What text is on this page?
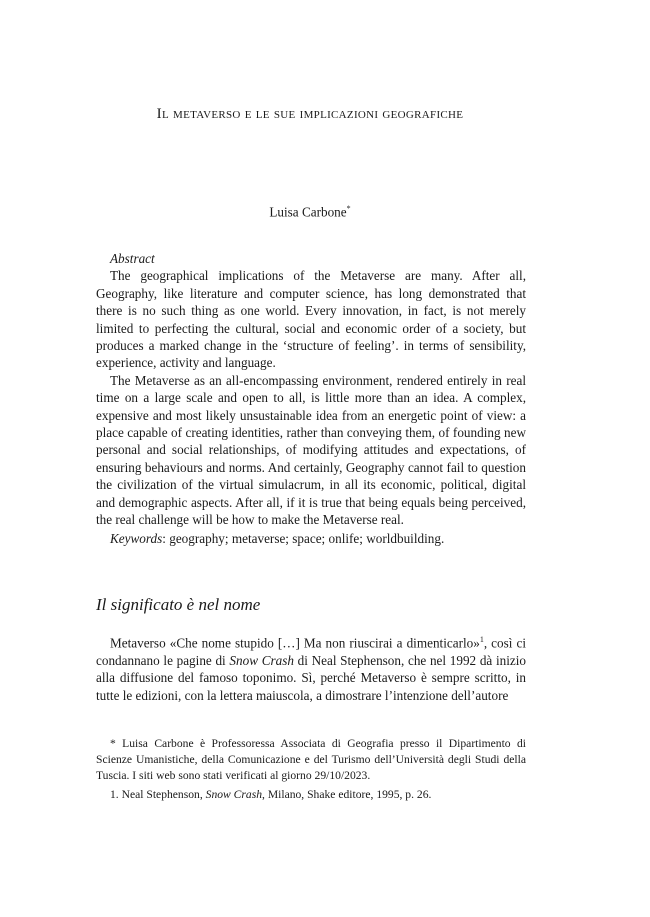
Il metaverso e le sue implicazioni geografiche
Luisa Carbone*

Abstract

The geographical implications of the Metaverse are many. After all, Geography, like literature and computer science, has long demonstrated that there is no such thing as one world. Every innovation, in fact, is not merely limited to perfecting the cultural, social and economic order of a society, but produces a marked change in the ‘structure of feeling’. in terms of sensibility, experience, activity and language.

The Metaverse as an all-encompassing environment, rendered entirely in real time on a large scale and open to all, is little more than an idea. A complex, expensive and most likely unsustainable idea from an energetic point of view: a place capable of creating identities, rather than conveying them, of founding new personal and social relationships, of modifying attitudes and expectations, of ensuring behaviours and norms. And certainly, Geography cannot fail to question the civilization of the virtual simulacrum, in all its economic, political, digital and demographic aspects. After all, if it is true that being equals being perceived, the real challenge will be how to make the Metaverse real.

Keywords: geography; metaverse; space; onlife; worldbuilding.

Il significato è nel nome

Metaverso «Che nome stupido […] Ma non riuscirai a dimenticarlo»$^1$, così ci condannano le pagine di Snow Crash di Neal Stephenson, che nel 1992 dà inizio alla diffusione del famoso toponimo. Sì, perché Metaverso è sempre scritto, in tutte le edizioni, con la lettera maiuscola, a dimostrare l’intenzione dell’autore

* Luisa Carbone è Professoressa Associata di Geografia presso il Dipartimento di Scienze Umanistiche, della Comunicazione e del Turismo dell’Università degli Studi della Tuscia. I siti web sono stati verificati al giorno 29/10/2023.

1. Neal Stephenson, Snow Crash, Milano, Shake editore, 1995, p. 26.
